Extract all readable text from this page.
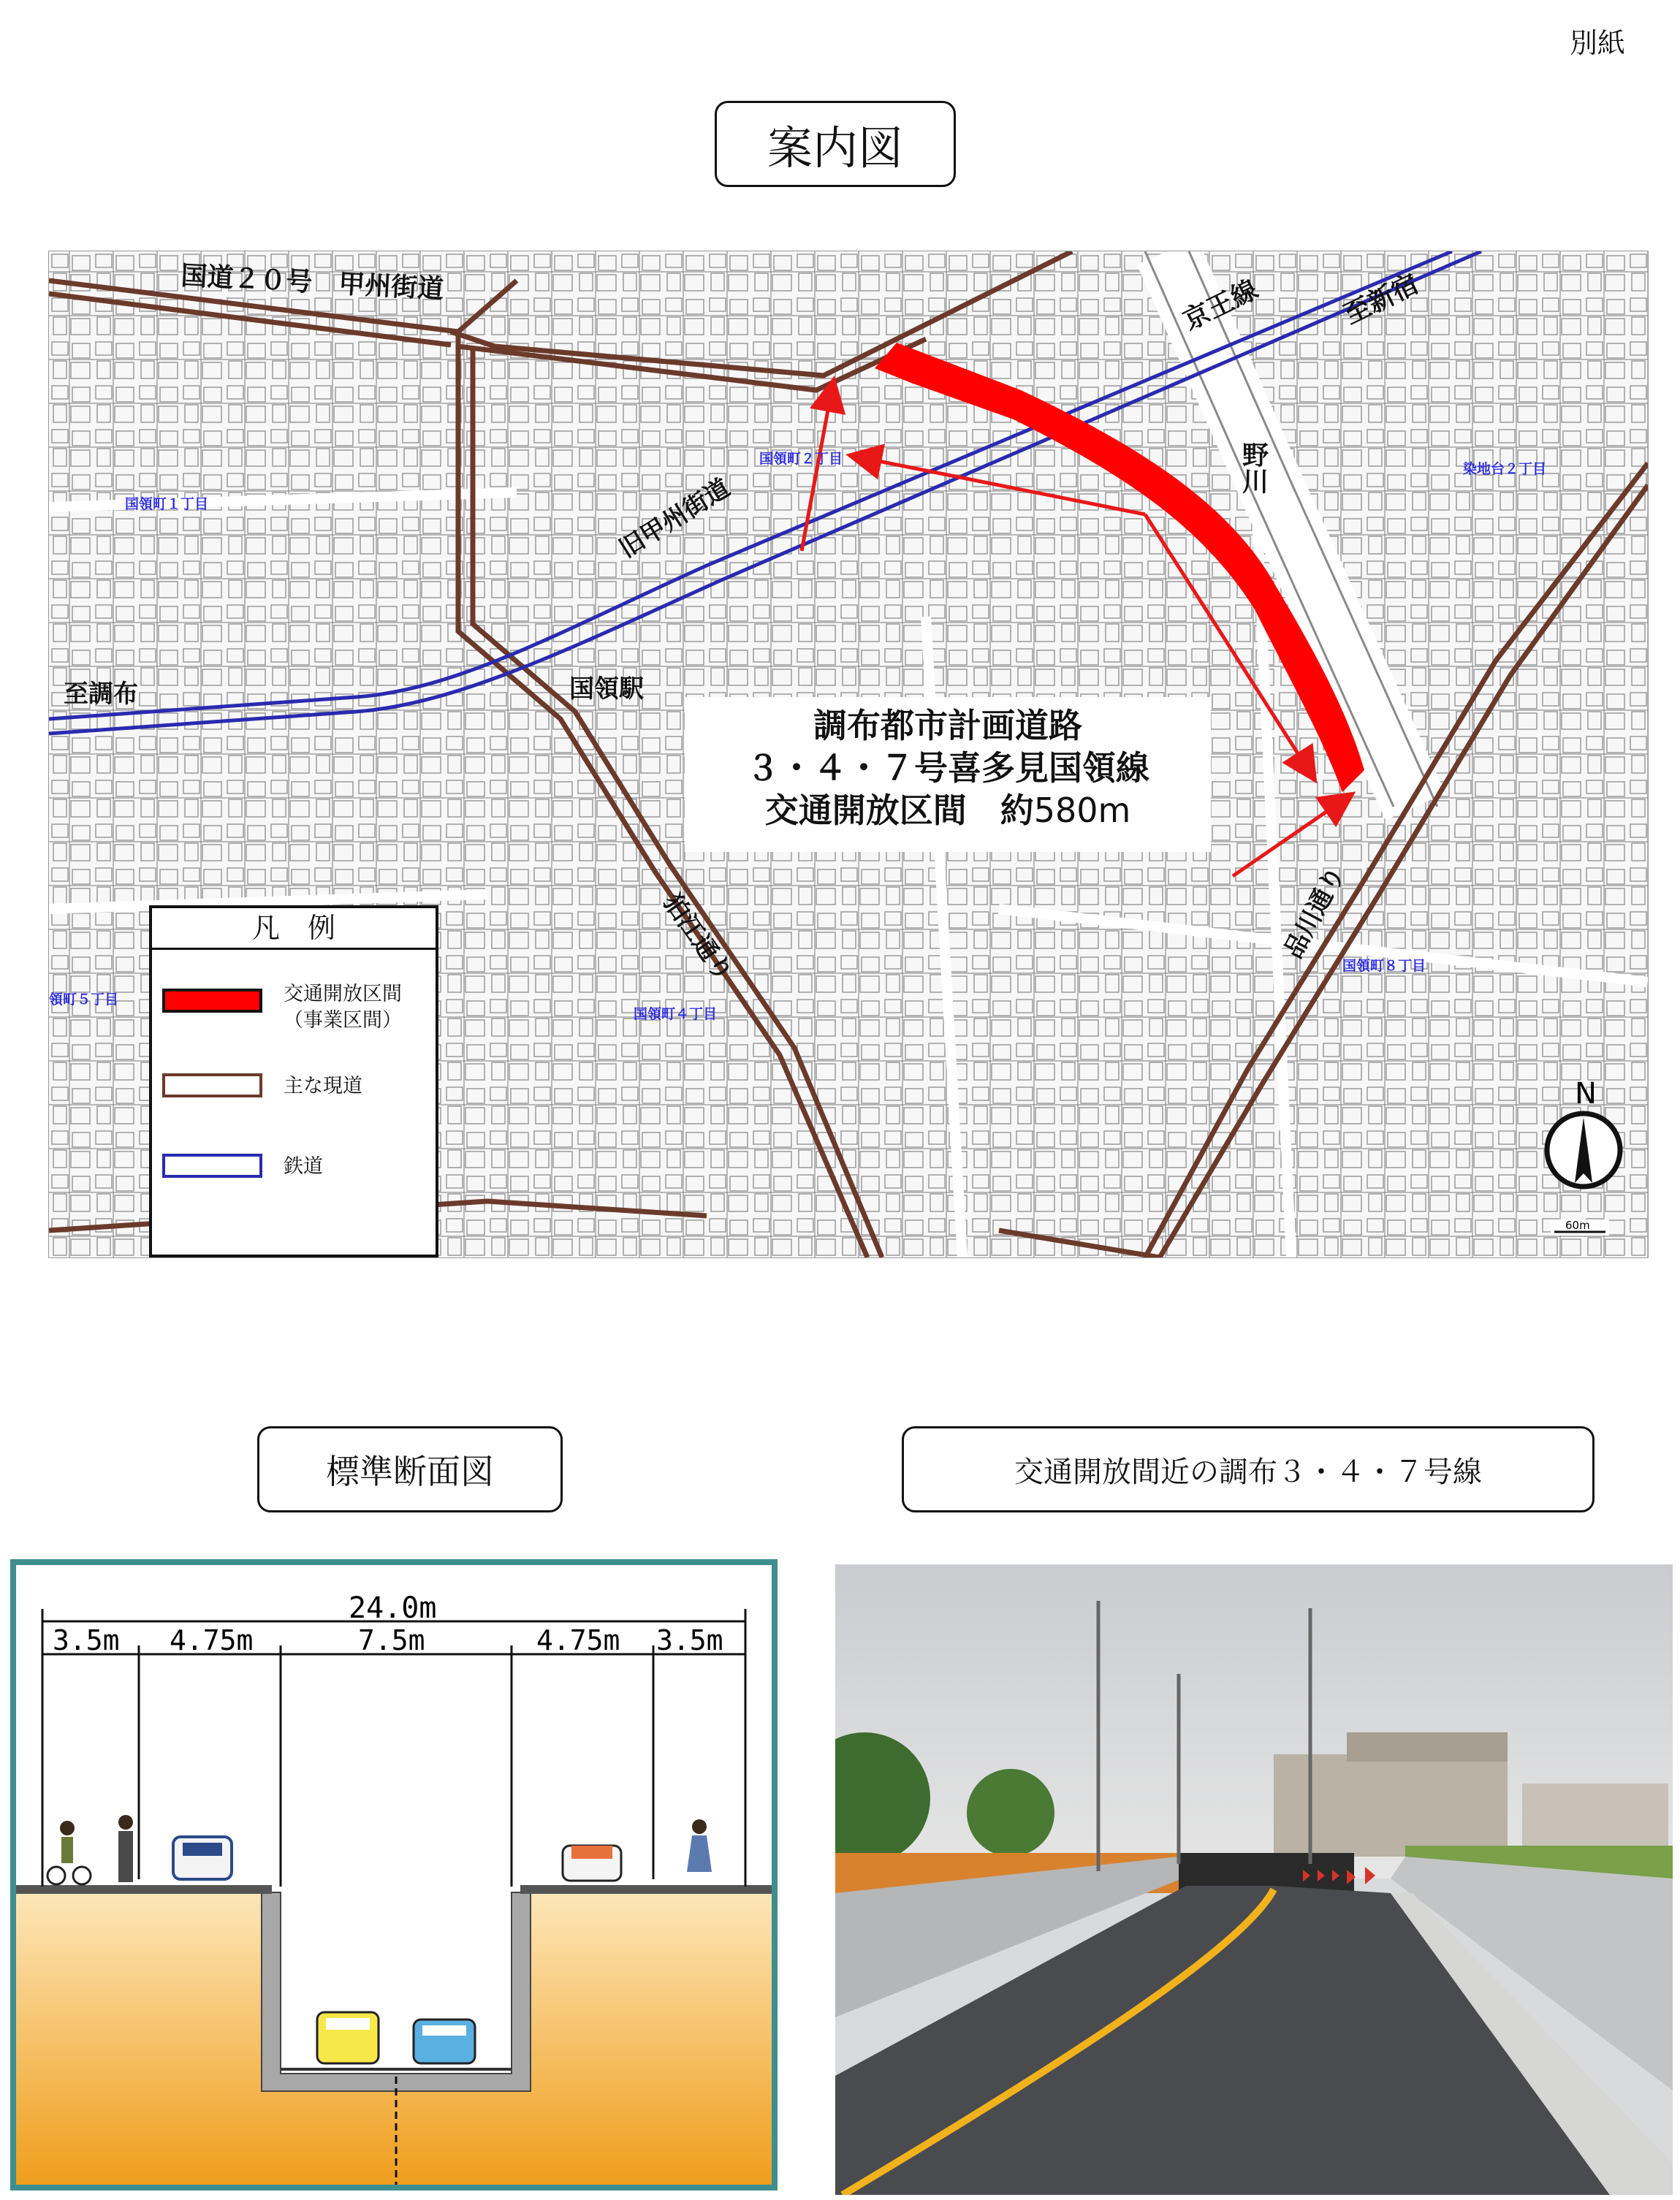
別紙
案内図
国道２０号　甲州街道	京王線	至新宿
野川
旧甲州街道
至調布	国領駅
狛江通り	品川通り
国領町１丁目
国領町２丁目
染地台２丁目
領町５丁目
国領町４丁目
国領町８丁目
N
60m
調布都市計画道路
３・４・７号喜多見国領線
交通開放区間　約580m
凡　例
交通開放区間
（事業区間）
主な現道
鉄道
標準断面図	交通開放間近の調布３・４・７号線
24.0m
3.5m 4.75m	7.5m	4.75m 3.5m
